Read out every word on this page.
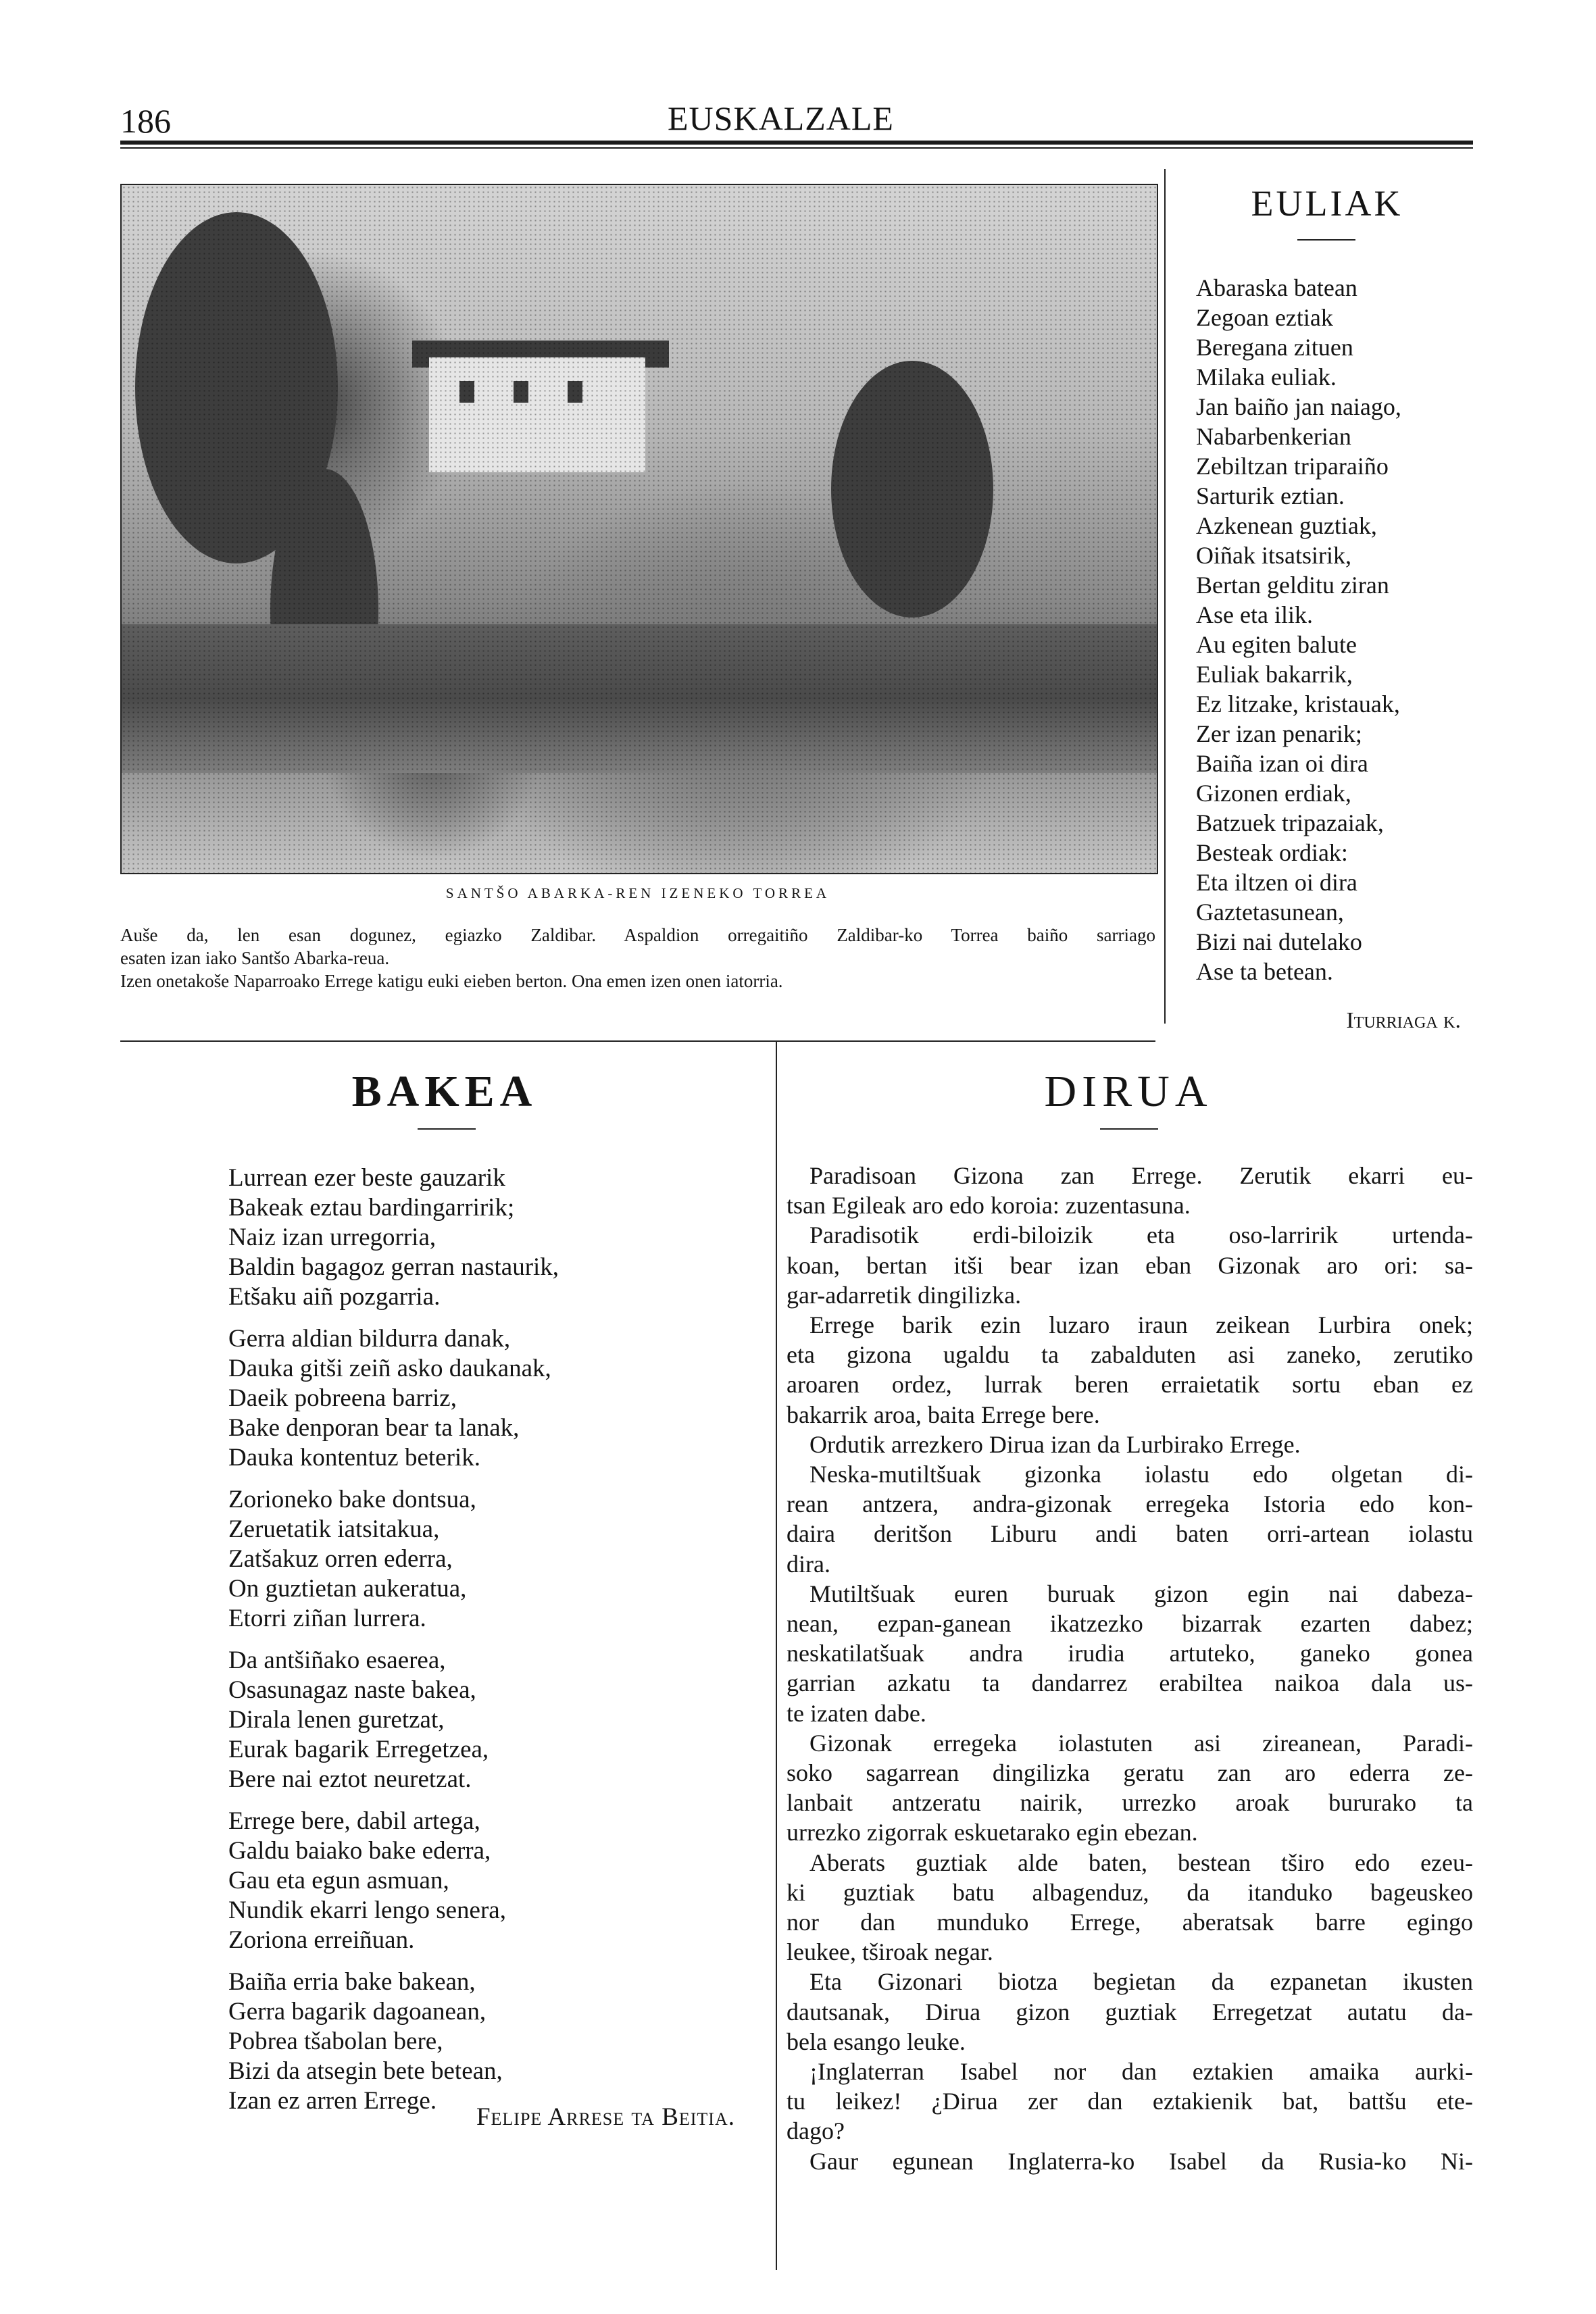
186	EUSKALZALE
SANTŠO ABARKA-REN IZENEKO TORREA
Auše da, len esan dogunez, egiazko Zaldibar. Aspaldion orregaitiño Zaldibar-ko Torrea baiño sarriago
esaten izan iako Santšo Abarka-reua.
Izen onetakoše Naparroako Errege katigu euki eieben berton. Ona emen izen onen iatorria.
EULIAK
Abaraska batean
Zegoan eztiak
Beregana zituen
Milaka euliak.
Jan baiño jan naiago,
Nabarbenkerian
Zebiltzan triparaiño
Sarturik eztian.
Azkenean guztiak,
Oiñak itsatsirik,
Bertan gelditu ziran
Ase eta ilik.
Au egiten balute
Euliak bakarrik,
Ez litzake, kristauak,
Zer izan penarik;
Baiña izan oi dira
Gizonen erdiak,
Batzuek tripazaiak,
Besteak ordiak:
Eta iltzen oi dira
Gaztetasunean,
Bizi nai dutelako
Ase ta betean.
Iturriaga k.
BAKEA
Lurrean ezer beste gauzarik
Bakeak eztau bardingarririk;
Naiz izan urregorria,
Baldin bagagoz gerran nastaurik,
Etšaku aiñ pozgarria.
Gerra aldian bildurra danak,
Dauka gitši zeiñ asko daukanak,
Daeik pobreena barriz,
Bake denporan bear ta lanak,
Dauka kontentuz beterik.
Zorioneko bake dontsua,
Zeruetatik iatsitakua,
Zatšakuz orren ederra,
On guztietan aukeratua,
Etorri ziñan lurrera.
Da antšiñako esaerea,
Osasunagaz naste bakea,
Dirala lenen guretzat,
Eurak bagarik Erregetzea,
Bere nai eztot neuretzat.
Errege bere, dabil artega,
Galdu baiako bake ederra,
Gau eta egun asmuan,
Nundik ekarri lengo senera,
Zoriona erreiñuan.
Baiña erria bake bakean,
Gerra bagarik dagoanean,
Pobrea tšabolan bere,
Bizi da atsegin bete betean,
Izan ez arren Errege.
Felipe Arrese ta Beitia.
DIRUA
Paradisoan Gizona zan Errege. Zerutik ekarri eu-
tsan Egileak aro edo koroia: zuzentasuna.
Paradisotik erdi-biloizik eta oso-larririk urtenda-
koan, bertan itši bear izan eban Gizonak aro ori: sa-
gar-adarretik dingilizka.
Errege barik ezin luzaro iraun zeikean Lurbira onek;
eta gizona ugaldu ta zabalduten asi zaneko, zerutiko
aroaren ordez, lurrak beren erraietatik sortu eban ez
bakarrik aroa, baita Errege bere.
Ordutik arrezkero Dirua izan da Lurbirako Errege.
Neska-mutiltšuak gizonka iolastu edo olgetan di-
rean antzera, andra-gizonak erregeka Istoria edo kon-
daira deritšon Liburu andi baten orri-artean iolastu
dira.
Mutiltšuak euren buruak gizon egin nai dabeza-
nean, ezpan-ganean ikatzezko bizarrak ezarten dabez;
neskatilatšuak andra irudia artuteko, ganeko gonea
garrian azkatu ta dandarrez erabiltea naikoa dala us-
te izaten dabe.
Gizonak erregeka iolastuten asi zireanean, Paradi-
soko sagarrean dingilizka geratu zan aro ederra ze-
lanbait antzeratu nairik, urrezko aroak bururako ta
urrezko zigorrak eskuetarako egin ebezan.
Aberats guztiak alde baten, bestean tširo edo ezeu-
ki guztiak batu albagenduz, da itanduko bageuskeo
nor dan munduko Errege, aberatsak barre egingo
leukee, tširoak negar.
Eta Gizonari biotza begietan da ezpanetan ikusten
dautsanak, Dirua gizon guztiak Erregetzat autatu da-
bela esango leuke.
¡Inglaterran Isabel nor dan eztakien amaika aurki-
tu leikez! ¿Dirua zer dan eztakienik bat, battšu ete-
dago?
Gaur egunean Inglaterra-ko Isabel da Rusia-ko Ni-
